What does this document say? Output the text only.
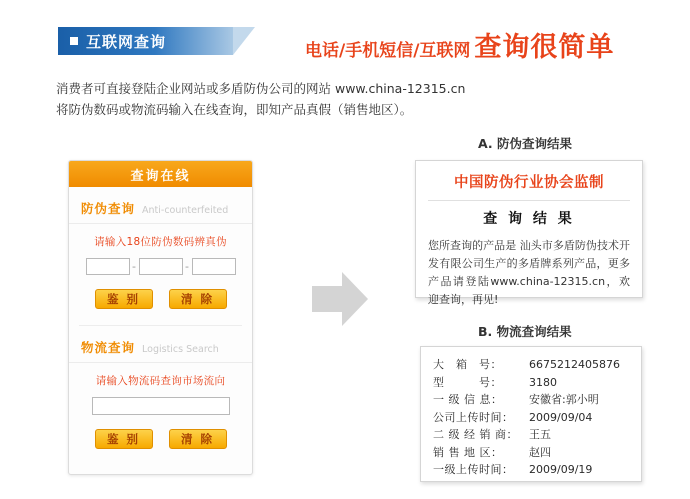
互联网查询	电话/手机短信/互联网 查询很简单
消费者可直接登陆企业网站或多盾防伪公司的网站 www.china-12315.cn
将防伪数码或物流码输入在线查询，即知产品真假（销售地区）。
查询在线
防伪查询 Anti-counterfeited
请输入18位防伪数码辨真伪
-	-
鉴 别	清 除
物流查询 Logistics Search
请输入物流码查询市场流向
鉴 别	清 除
A. 防伪查询结果
中国防伪行业协会监制
查 询 结 果
您所查询的产品是 汕头市多盾防伪技术开发有限公司生产的多盾牌系列产品，更多产品请登陆www.china-12315.cn，欢迎查询，再见!
B. 物流查询结果
大　箱　号：	6675212405876
型　　　号：	3180
一 级 信 息：	安徽省:郭小明
公司上传时间：	2009/09/04
二 级 经 销 商：	王五
销 售 地 区：	赵四
一级上传时间：	2009/09/19
